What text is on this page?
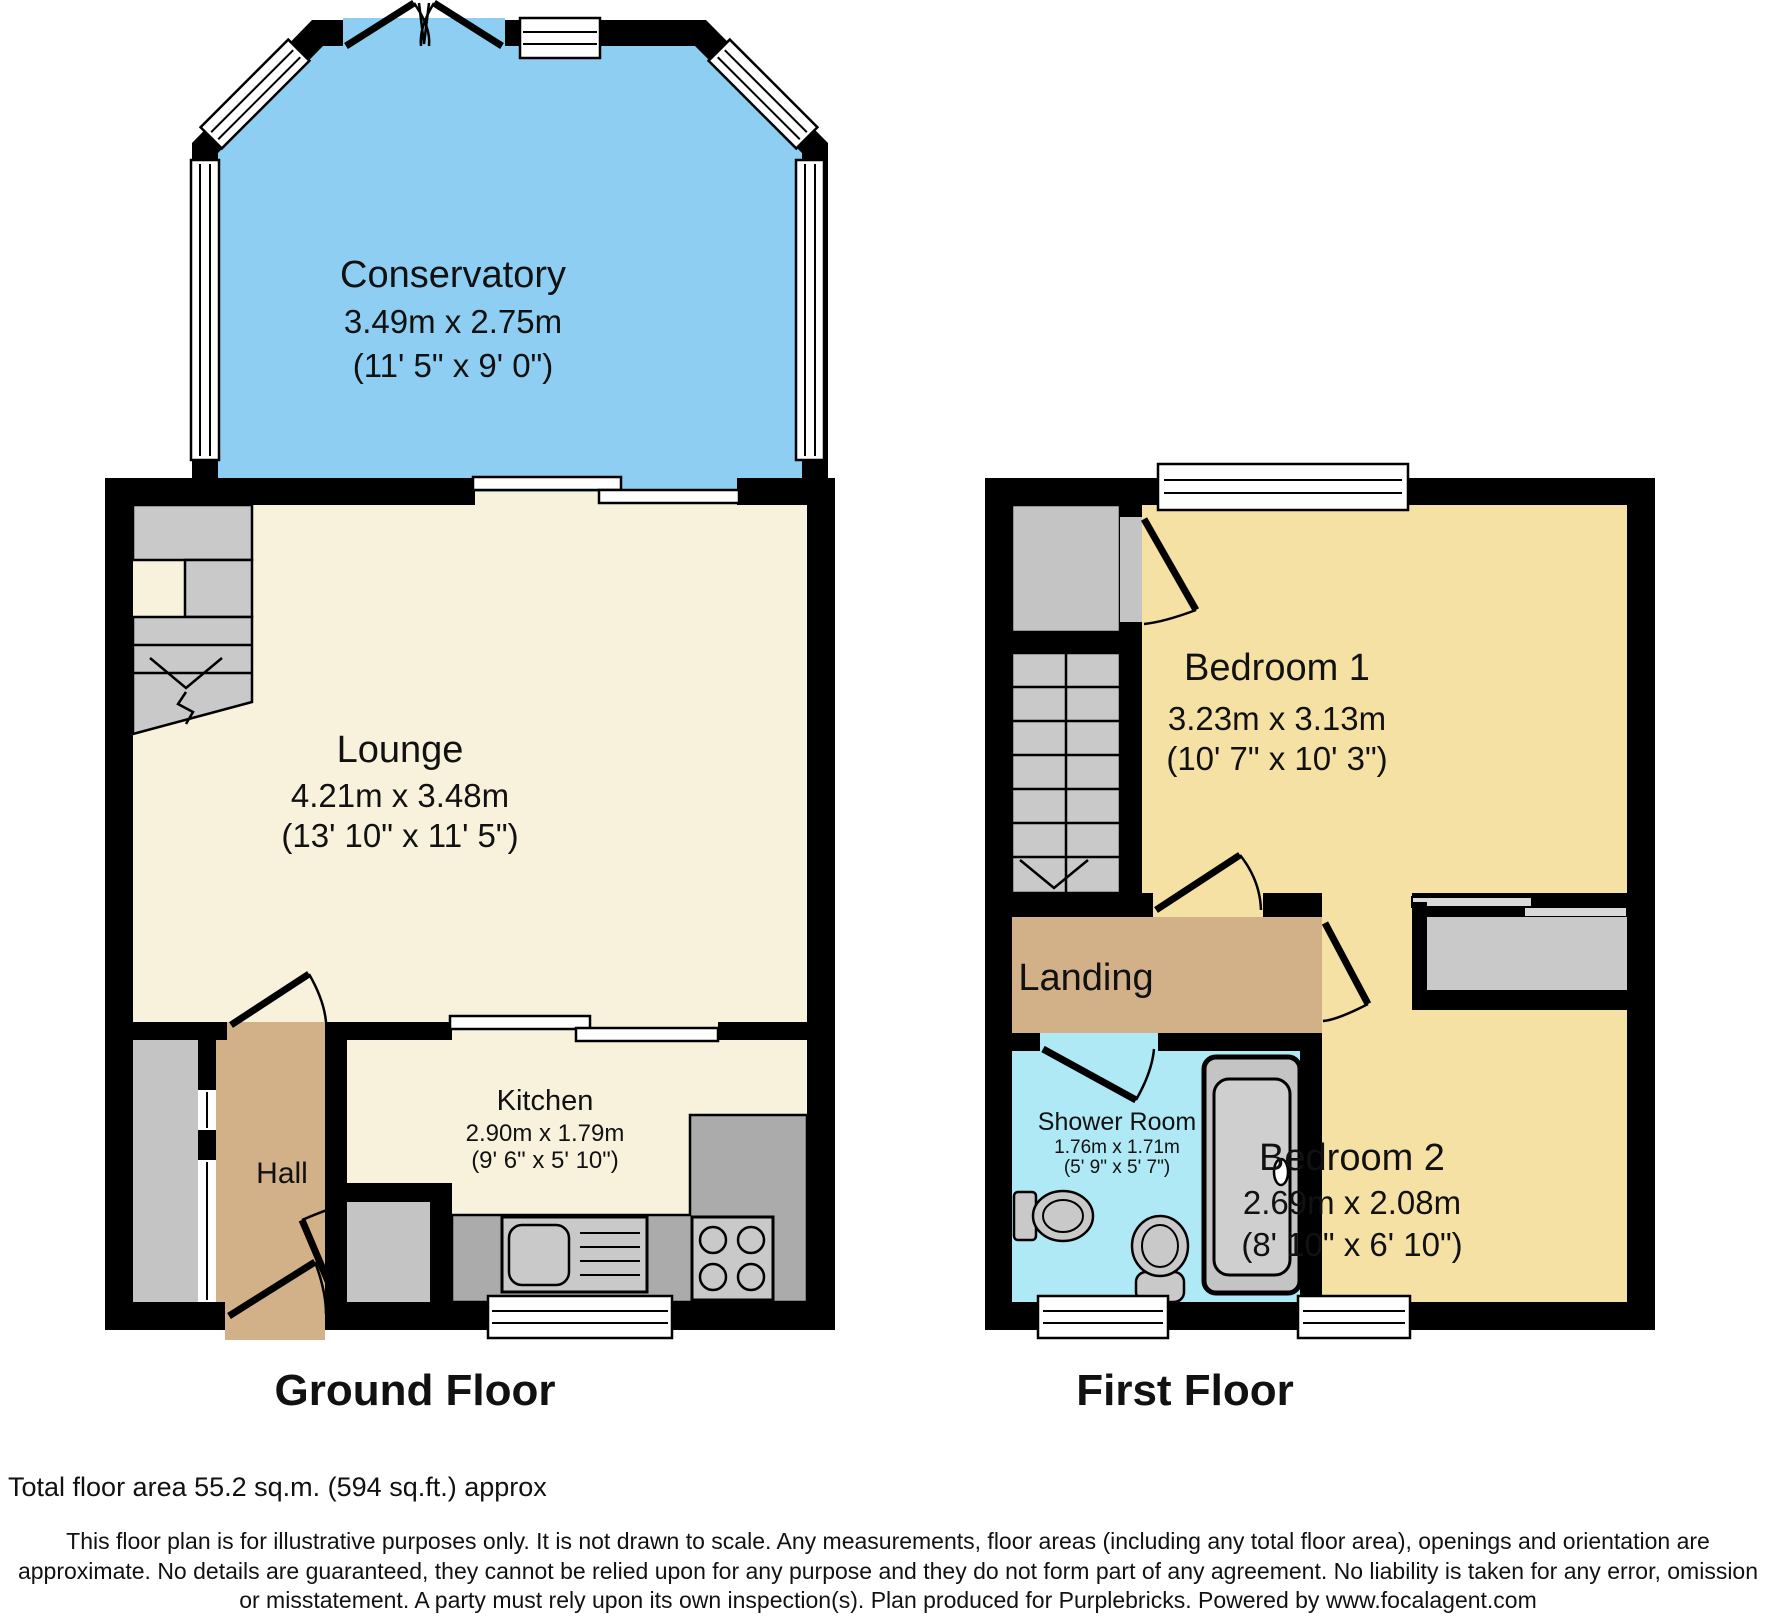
Conservatory
3.49m x 2.75m
(11' 5" x 9' 0")
Lounge
4.21m x 3.48m
(13' 10" x 11' 5")
Kitchen
2.90m x 1.79m
(9' 6" x 5' 10")
Hall
Ground Floor
Bedroom 1
3.23m x 3.13m
(10' 7" x 10' 3")
Landing
Shower Room
1.76m x 1.71m
(5' 9" x 5' 7") Bedroom 2
2.69m x 2.08m
(8' 10" x 6' 10")
First Floor
Total floor area 55.2 sq.m. (594 sq.ft.) approx
This floor plan is for illustrative purposes only. It is not drawn to scale. Any measurements, floor areas (including any total floor area), openings and orientation are
approximate. No details are guaranteed, they cannot be relied upon for any purpose and they do not form part of any agreement. No liability is taken for any error, omission
or misstatement. A party must rely upon its own inspection(s). Plan produced for Purplebricks. Powered by www.focalagent.com
